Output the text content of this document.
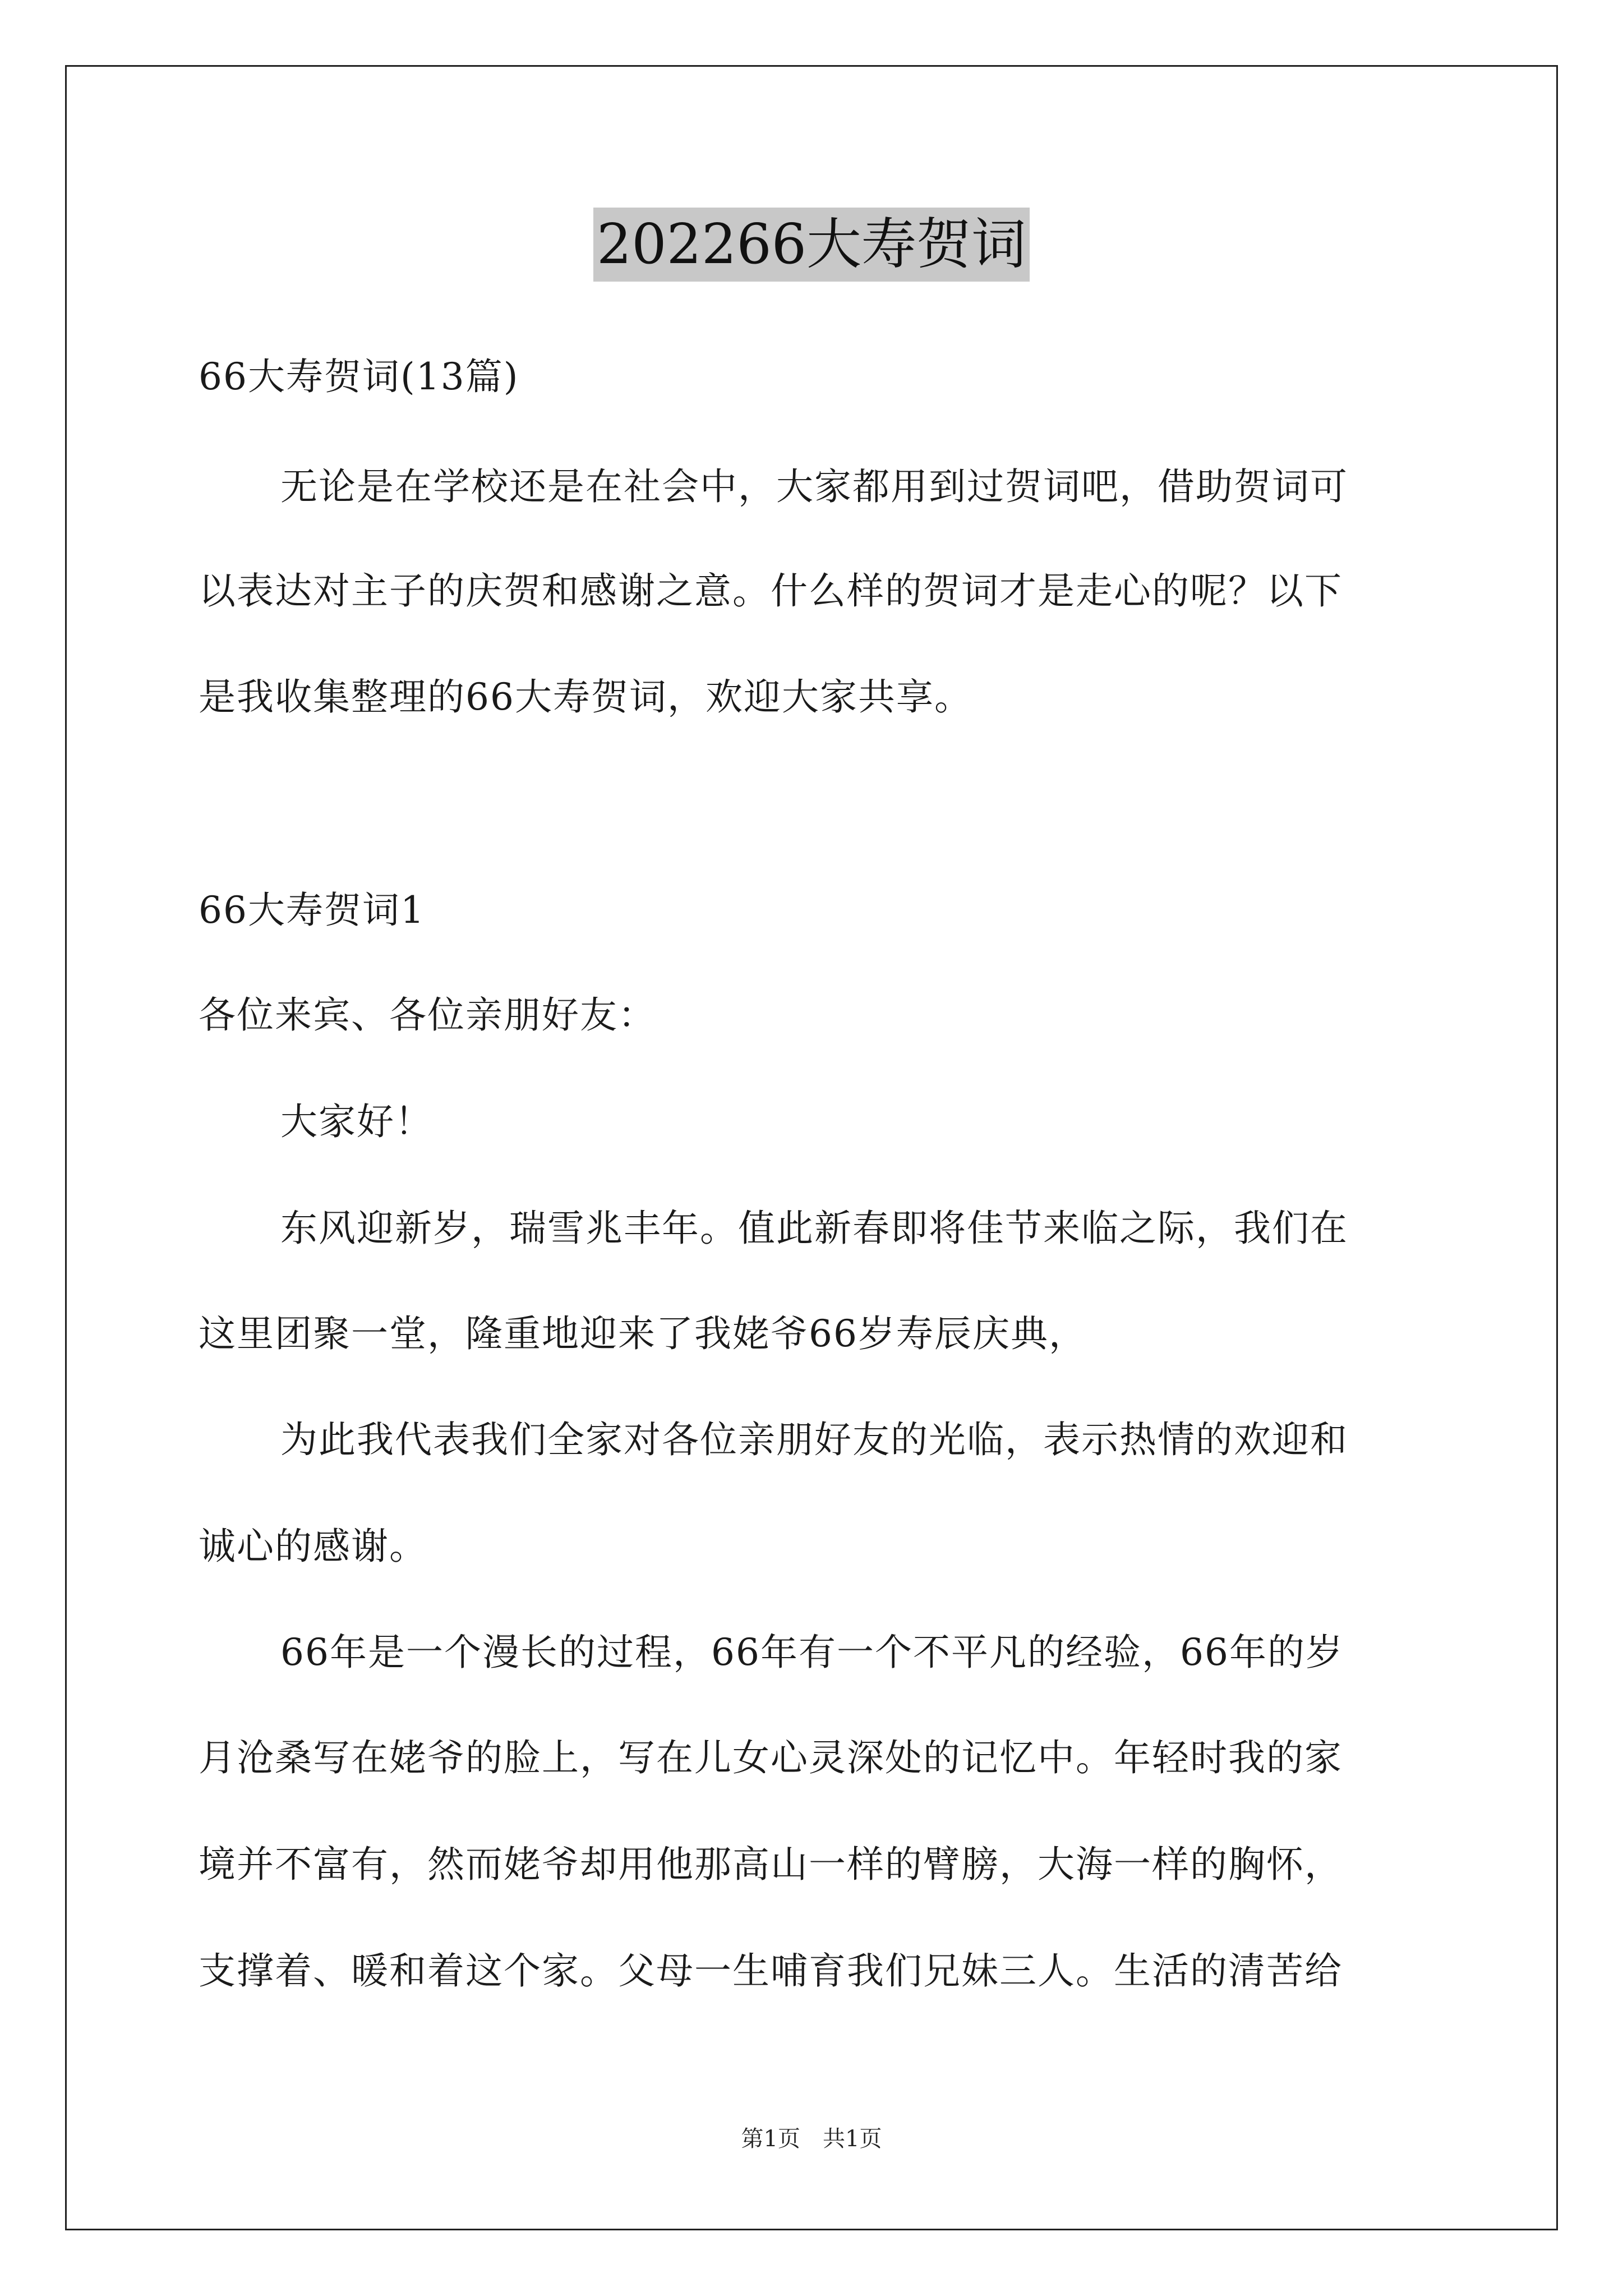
202266大寿贺词
66大寿贺词(13篇)
无论是在学校还是在社会中，大家都用到过贺词吧，借助贺词可
以表达对主子的庆贺和感谢之意。什么样的贺词才是走心的呢？以下
是我收集整理的66大寿贺词，欢迎大家共享。
66大寿贺词1
各位来宾、各位亲朋好友：
大家好！
东风迎新岁，瑞雪兆丰年。值此新春即将佳节来临之际，我们在
这里团聚一堂，隆重地迎来了我姥爷66岁寿辰庆典，
为此我代表我们全家对各位亲朋好友的光临，表示热情的欢迎和
诚心的感谢。
66年是一个漫长的过程，66年有一个不平凡的经验，66年的岁
月沧桑写在姥爷的脸上，写在儿女心灵深处的记忆中。年轻时我的家
境并不富有，然而姥爷却用他那高山一样的臂膀，大海一样的胸怀，
支撑着、暖和着这个家。父母一生哺育我们兄妹三人。生活的清苦给
第1页　共1页
